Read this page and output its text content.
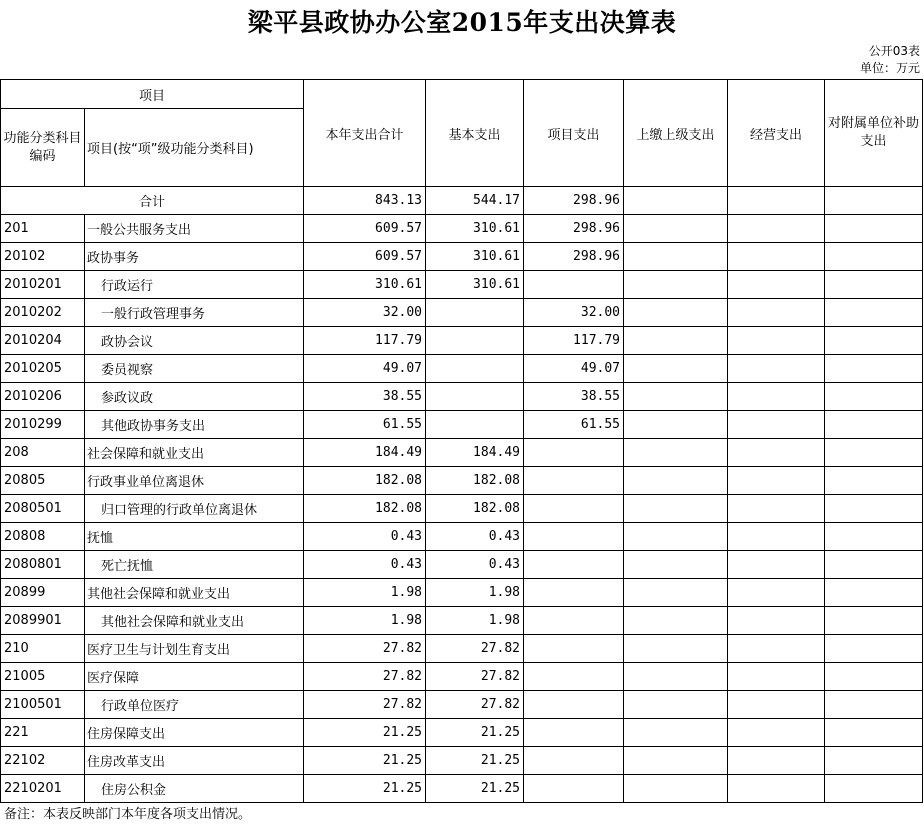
梁平县政协办公室2015年支出决算表
公开03表
单位：万元
项目		本年支出合计	基本支出	项目支出	上缴上级支出	经营支出	对附属单位补助支出
功能分类科目编码	项目(按“项”级功能分类科目)						
合计		843.13	544.17	298.96			
201	一般公共服务支出	609.57	310.61	298.96			
20102	政协事务	609.57	310.61	298.96			
2010201	行政运行	310.61	310.61				
2010202	一般行政管理事务	32.00		32.00			
2010204	政协会议	117.79		117.79			
2010205	委员视察	49.07		49.07			
2010206	参政议政	38.55		38.55			
2010299	其他政协事务支出	61.55		61.55			
208	社会保障和就业支出	184.49	184.49				
20805	行政事业单位离退休	182.08	182.08				
2080501	归口管理的行政单位离退休	182.08	182.08				
20808	抚恤	0.43	0.43				
2080801	死亡抚恤	0.43	0.43				
20899	其他社会保障和就业支出	1.98	1.98				
2089901	其他社会保障和就业支出	1.98	1.98				
210	医疗卫生与计划生育支出	27.82	27.82				
21005	医疗保障	27.82	27.82				
2100501	行政单位医疗	27.82	27.82				
221	住房保障支出	21.25	21.25				
22102	住房改革支出	21.25	21.25				
2210201	住房公积金	21.25	21.25				
备注：本表反映部门本年度各项支出情况。
